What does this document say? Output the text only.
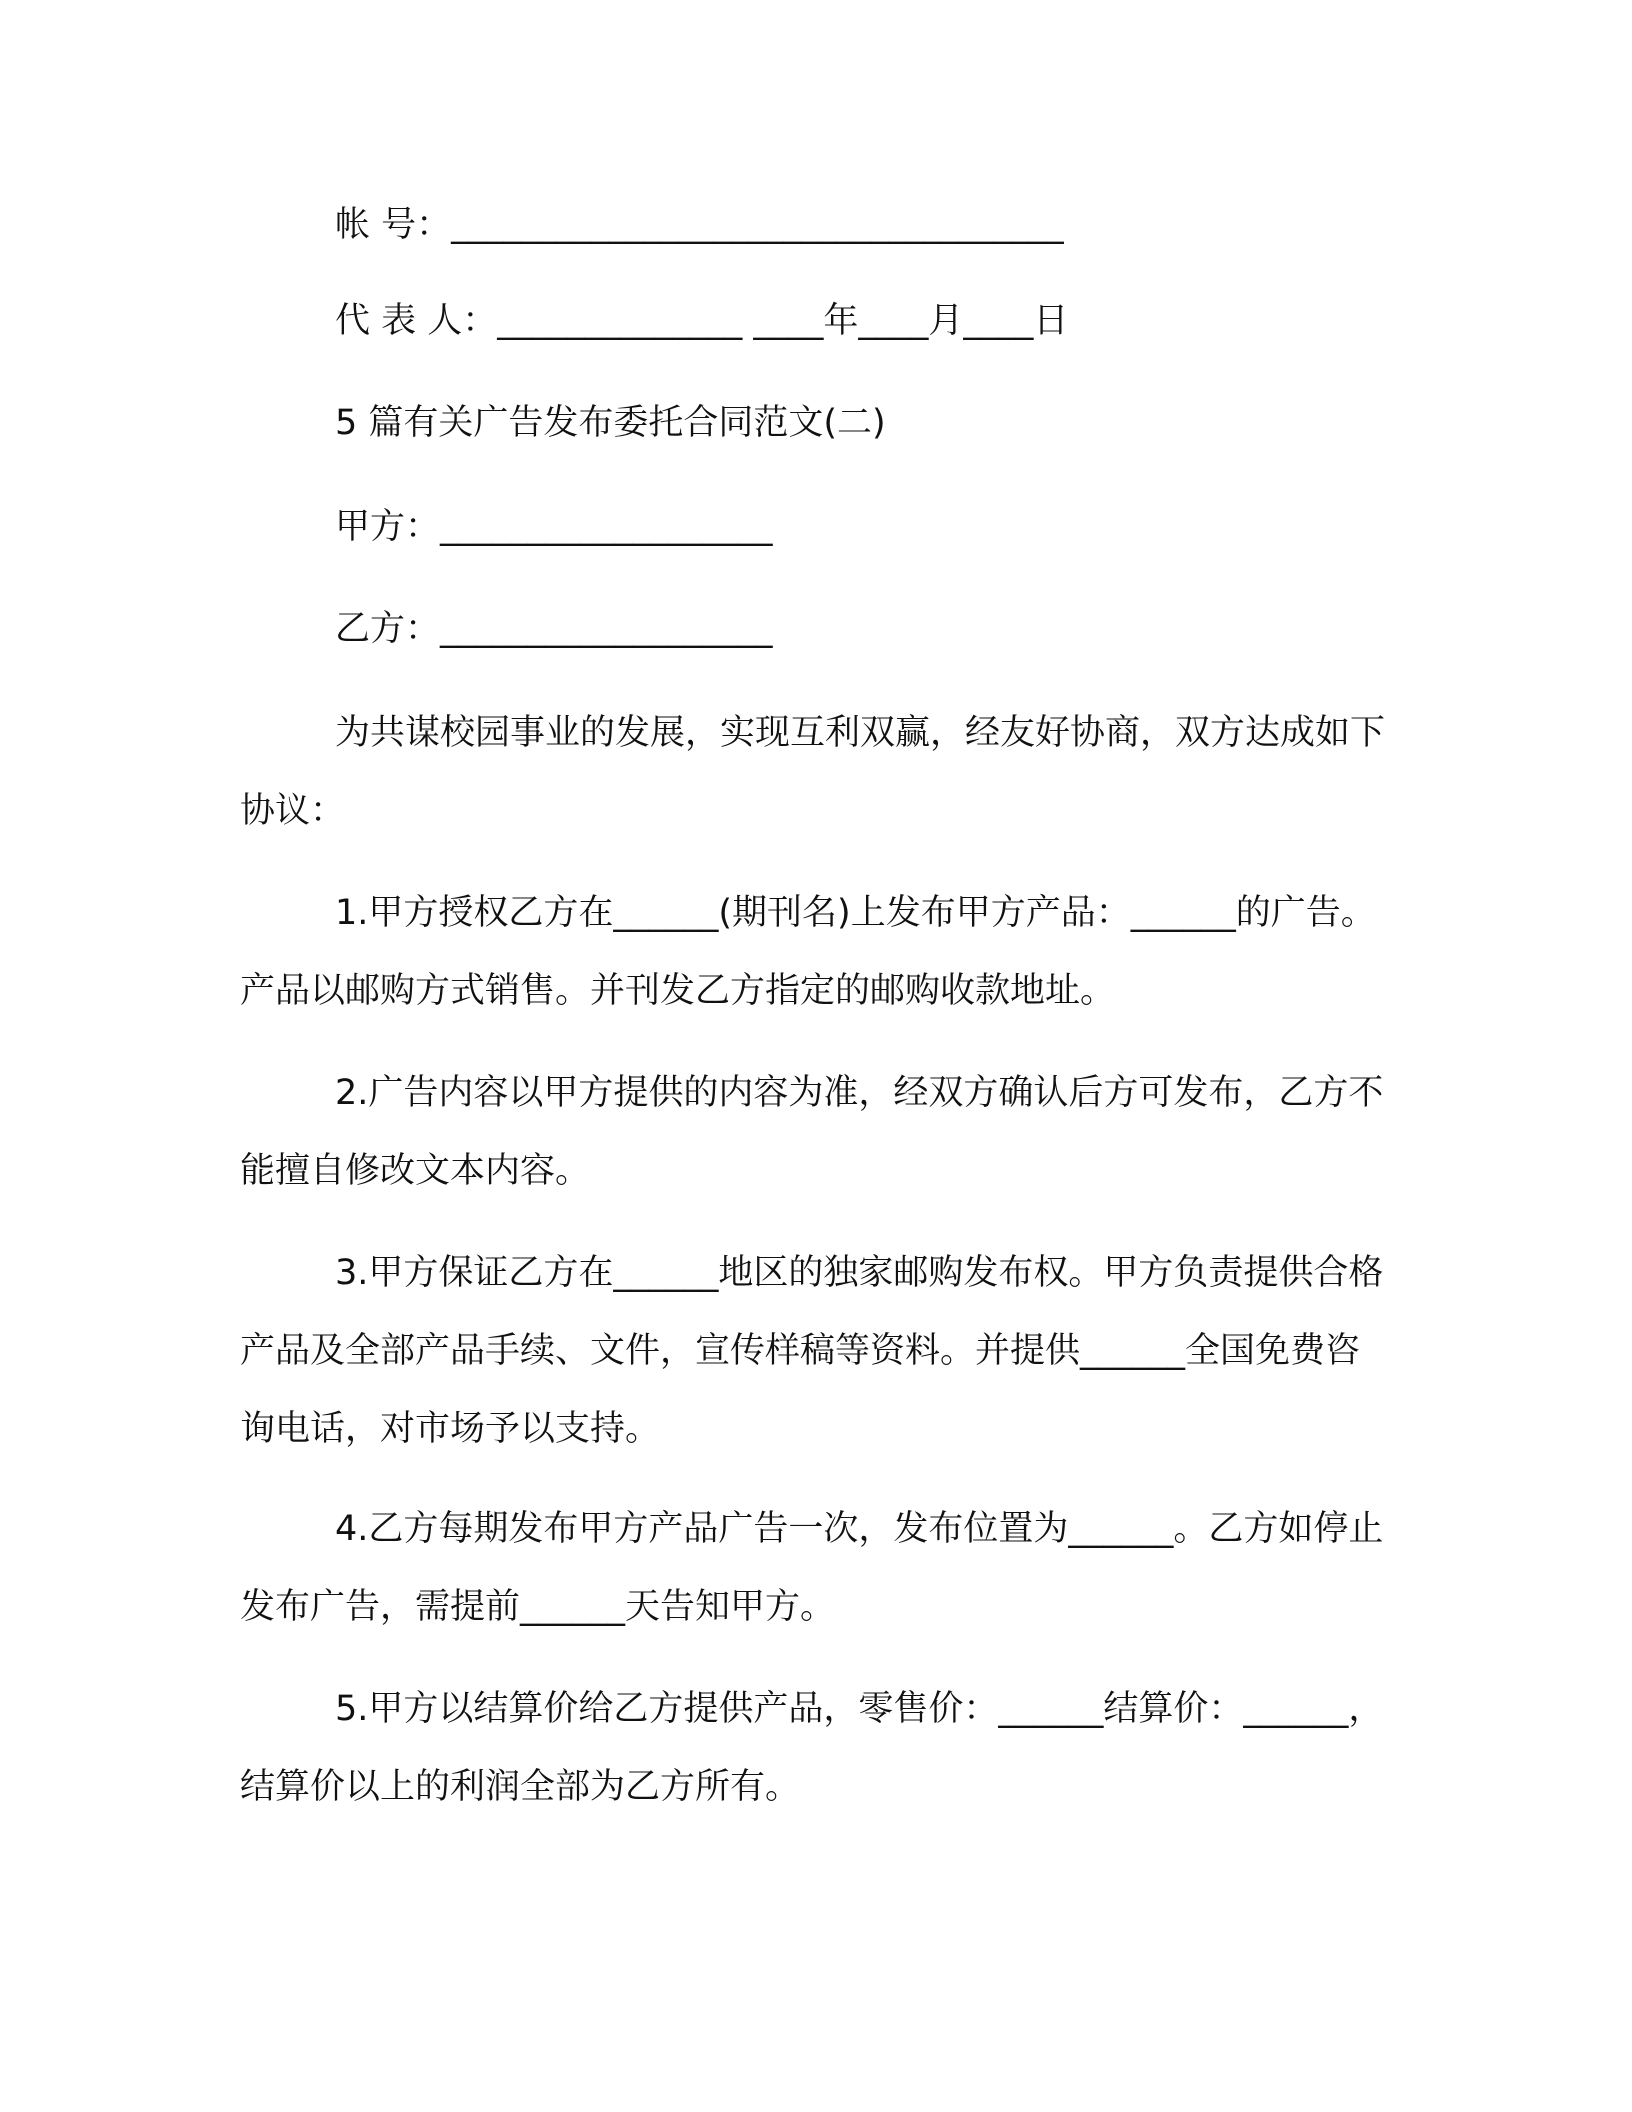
帐 号：___________________________________
代 表 人：______________ ____年____月____日
5 篇有关广告发布委托合同范文(二)
甲方：___________________
乙方：___________________
为共谋校园事业的发展，实现互利双赢，经友好协商，双方达成如下协议：
1.甲方授权乙方在______(期刊名)上发布甲方产品：______的广告。产品以邮购方式销售。并刊发乙方指定的邮购收款地址。
2.广告内容以甲方提供的内容为准，经双方确认后方可发布，乙方不能擅自修改文本内容。
3.甲方保证乙方在______地区的独家邮购发布权。甲方负责提供合格产品及全部产品手续、文件，宣传样稿等资料。并提供______全国免费咨询电话，对市场予以支持。
4.乙方每期发布甲方产品广告一次，发布位置为______。乙方如停止发布广告，需提前______天告知甲方。
5.甲方以结算价给乙方提供产品，零售价：______结算价：______，结算价以上的利润全部为乙方所有。
